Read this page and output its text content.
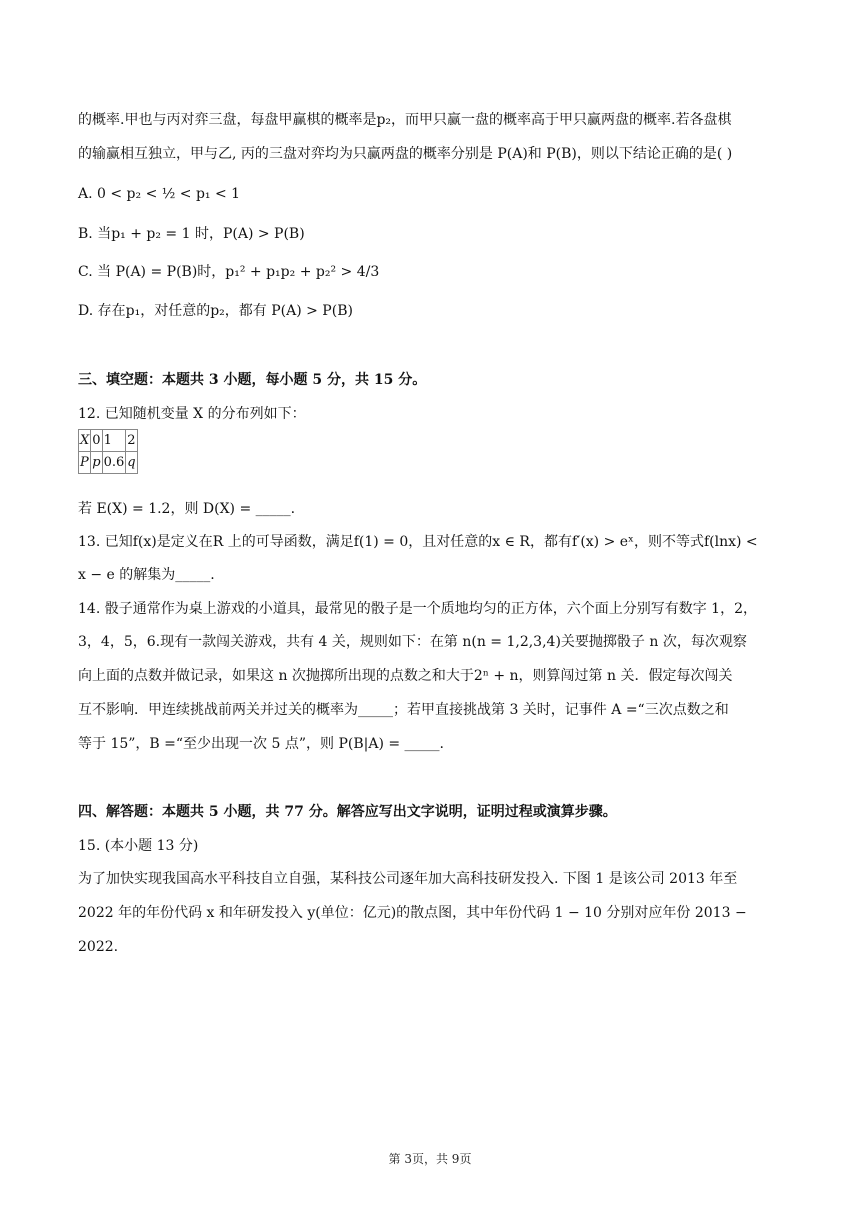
的概率.甲也与丙对弈三盘，每盘甲赢棋的概率是p₂，而甲只赢一盘的概率高于甲只赢两盘的概率.若各盘棋
的输赢相互独立，甲与乙, 丙的三盘对弈均为只赢两盘的概率分别是 P(A)和 P(B)，则以下结论正确的是( )
A. 0 < p₂ < ½ < p₁ < 1
B. 当p₁ + p₂ = 1 时，P(A) > P(B)
C. 当 P(A) = P(B)时，p₁² + p₁p₂ + p₂² > 4/3
D. 存在p₁，对任意的p₂，都有 P(A) > P(B)
三、填空题：本题共 3 小题，每小题 5 分，共 15 分。
12. 已知随机变量 X 的分布列如下：
X	0	1	2
P	p	0.6	q
若 E(X) = 1.2，则 D(X) = _____.
13. 已知f(x)是定义在R 上的可导函数，满足f(1) = 0，且对任意的x ∈ R，都有f′(x) > eˣ，则不等式f(lnx) <
x − e 的解集为_____.
14. 骰子通常作为桌上游戏的小道具，最常见的骰子是一个质地均匀的正方体，六个面上分别写有数字 1，2，
3，4，5，6.现有一款闯关游戏，共有 4 关，规则如下：在第 n(n = 1,2,3,4)关要抛掷骰子 n 次，每次观察
向上面的点数并做记录，如果这 n 次抛掷所出现的点数之和大于2ⁿ + n，则算闯过第 n 关．假定每次闯关
互不影响．甲连续挑战前两关并过关的概率为_____；若甲直接挑战第 3 关时，记事件 A =“三次点数之和
等于 15”，B =“至少出现一次 5 点”，则 P(B|A) = _____.
四、解答题：本题共 5 小题，共 77 分。解答应写出文字说明，证明过程或演算步骤。
15. (本小题 13 分)
为了加快实现我国高水平科技自立自强，某科技公司逐年加大高科技研发投入. 下图 1 是该公司 2013 年至
2022 年的年份代码 x 和年研发投入 y(单位：亿元)的散点图，其中年份代码 1 − 10 分别对应年份 2013 −
2022.
第 3页，共 9页
